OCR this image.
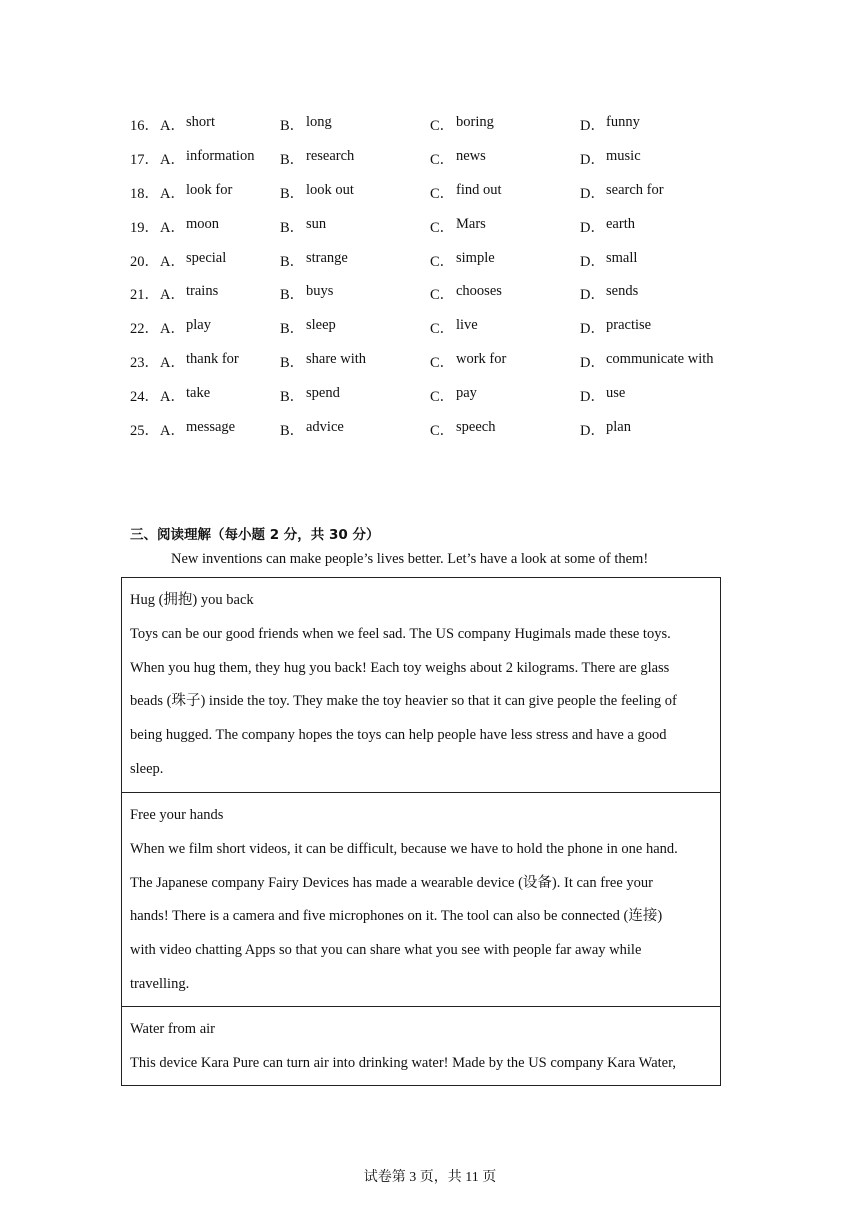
16． A． short	B． long	C． boring	D． funny
17． A． information B． research	C． news	D． music
18． A． look for	B． look out	C． find out	D． search for
19． A． moon	B． sun	C． Mars	D． earth
20． A． special	B． strange	C． simple	D． small
21． A． trains	B． buys	C． chooses	D． sends
22． A． play	B． sleep	C． live	D． practise
23． A． thank for	B． share with	C． work for	D． communicate with
24． A． take	B． spend	C． pay	D． use
25． A． message	B． advice	C． speech	D． plan
三、阅读理解（每小题 2 分，共 30 分）
New inventions can make people’s lives better. Let’s have a look at some of them!
Hug (拥抱) you back
Toys can be our good friends when we feel sad. The US company Hugimals made these toys.
When you hug them, they hug you back! Each toy weighs about 2 kilograms. There are glass
beads (珠子) inside the toy. They make the toy heavier so that it can give people the feeling of
being hugged. The company hopes the toys can help people have less stress and have a good
sleep.
Free your hands
When we film short videos, it can be difficult, because we have to hold the phone in one hand.
The Japanese company Fairy Devices has made a wearable device (设备). It can free your
hands! There is a camera and five microphones on it. The tool can also be connected (连接)
with video chatting Apps so that you can share what you see with people far away while
travelling.
Water from air
This device Kara Pure can turn air into drinking water! Made by the US company Kara Water,
试卷第 3 页，共 11 页
